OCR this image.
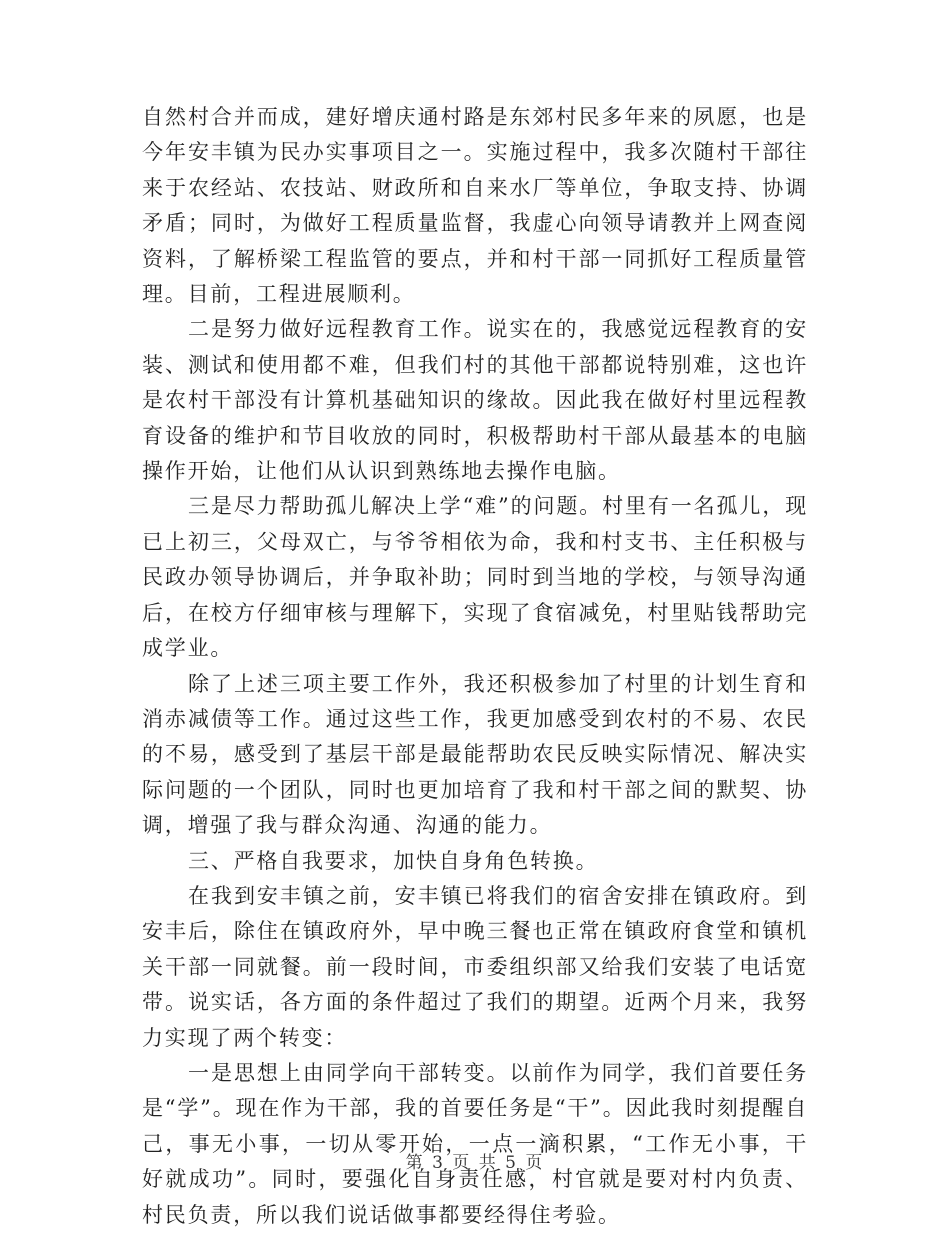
自然村合并而成，建好增庆通村路是东郊村民多年来的夙愿，也是今年安丰镇为民办实事项目之一。实施过程中，我多次随村干部往来于农经站、农技站、财政所和自来水厂等单位，争取支持、协调矛盾；同时，为做好工程质量监督，我虚心向领导请教并上网查阅资料，了解桥梁工程监管的要点，并和村干部一同抓好工程质量管理。目前，工程进展顺利。

二是努力做好远程教育工作。说实在的，我感觉远程教育的安装、测试和使用都不难，但我们村的其他干部都说特别难，这也许是农村干部没有计算机基础知识的缘故。因此我在做好村里远程教育设备的维护和节目收放的同时，积极帮助村干部从最基本的电脑操作开始，让他们从认识到熟练地去操作电脑。

三是尽力帮助孤儿解决上学“难”的问题。村里有一名孤儿，现已上初三，父母双亡，与爷爷相依为命，我和村支书、主任积极与民政办领导协调后，并争取补助；同时到当地的学校，与领导沟通后，在校方仔细审核与理解下，实现了食宿减免，村里贴钱帮助完成学业。

除了上述三项主要工作外，我还积极参加了村里的计划生育和消赤减债等工作。通过这些工作，我更加感受到农村的不易、农民的不易，感受到了基层干部是最能帮助农民反映实际情况、解决实际问题的一个团队，同时也更加培育了我和村干部之间的默契、协调，增强了我与群众沟通、沟通的能力。

三、严格自我要求，加快自身角色转换。

在我到安丰镇之前，安丰镇已将我们的宿舍安排在镇政府。到安丰后，除住在镇政府外，早中晚三餐也正常在镇政府食堂和镇机关干部一同就餐。前一段时间，市委组织部又给我们安装了电话宽带。说实话，各方面的条件超过了我们的期望。近两个月来，我努力实现了两个转变：

一是思想上由同学向干部转变。以前作为同学，我们首要任务是“学”。现在作为干部，我的首要任务是“干”。因此我时刻提醒自己，事无小事，一切从零开始，一点一滴积累，“工作无小事，干好就成功”。同时，要强化自身责任感，村官就是要对村内负责、村民负责，所以我们说话做事都要经得住考验。

第 3 页 共 5 页
